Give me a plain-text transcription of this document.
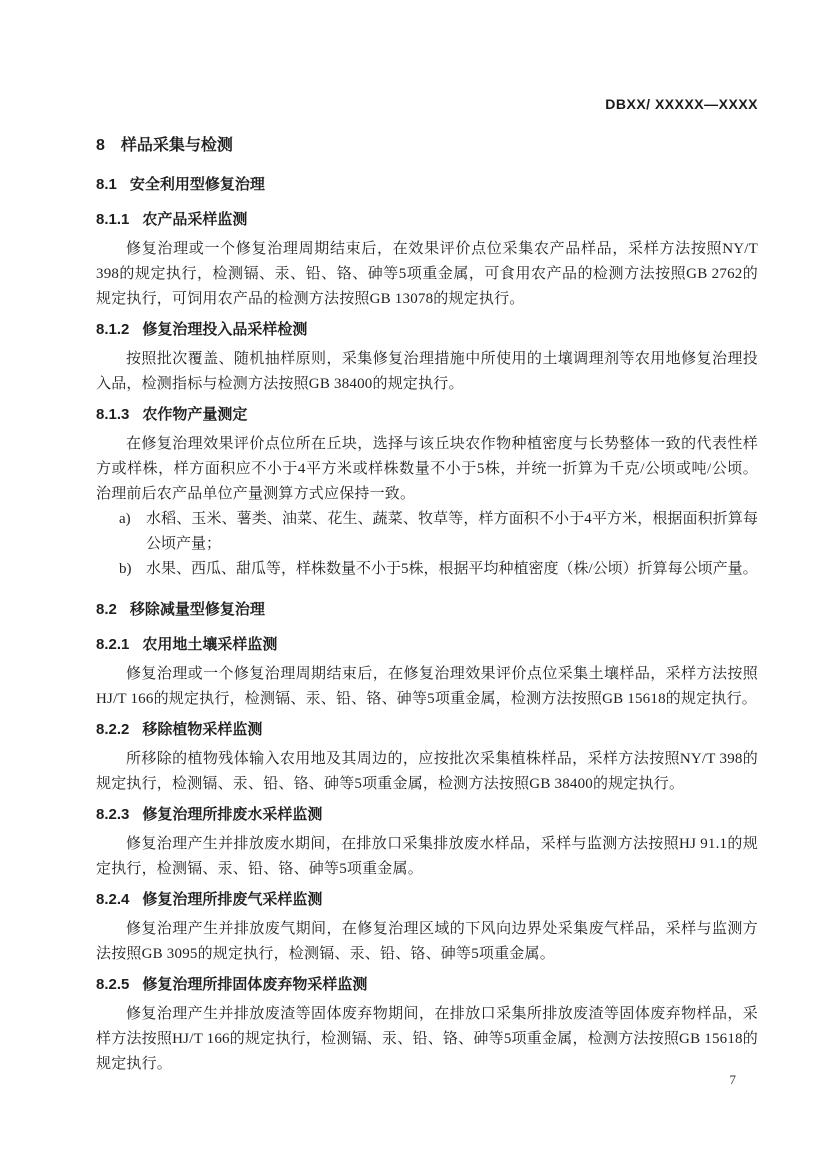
DBXX/ XXXXX—XXXX
8 样品采集与检测
8.1 安全利用型修复治理
8.1.1 农产品采样监测

修复治理或一个修复治理周期结束后，在效果评价点位采集农产品样品，采样方法按照NY/T 398的规定执行，检测镉、汞、铅、铬、砷等5项重金属，可食用农产品的检测方法按照GB 2762的规定执行，可饲用农产品的检测方法按照GB 13078的规定执行。

8.1.2 修复治理投入品采样检测

按照批次覆盖、随机抽样原则，采集修复治理措施中所使用的土壤调理剂等农用地修复治理投入品，检测指标与检测方法按照GB 38400的规定执行。

8.1.3 农作物产量测定

在修复治理效果评价点位所在丘块，选择与该丘块农作物种植密度与长势整体一致的代表性样方或样株，样方面积应不小于4平方米或样株数量不小于5株，并统一折算为千克/公顷或吨/公顷。治理前后农产品单位产量测算方式应保持一致。

a) 水稻、玉米、薯类、油菜、花生、蔬菜、牧草等，样方面积不小于4平方米，根据面积折算每公顷产量；
b) 水果、西瓜、甜瓜等，样株数量不小于5株，根据平均种植密度（株/公顷）折算每公顷产量。
8.2 移除减量型修复治理
8.2.1 农用地土壤采样监测

修复治理或一个修复治理周期结束后，在修复治理效果评价点位采集土壤样品，采样方法按照HJ/T 166的规定执行，检测镉、汞、铅、铬、砷等5项重金属，检测方法按照GB 15618的规定执行。

8.2.2 移除植物采样监测

所移除的植物残体输入农用地及其周边的，应按批次采集植株样品，采样方法按照NY/T 398的规定执行，检测镉、汞、铅、铬、砷等5项重金属，检测方法按照GB 38400的规定执行。

8.2.3 修复治理所排废水采样监测

修复治理产生并排放废水期间，在排放口采集排放废水样品，采样与监测方法按照HJ 91.1的规定执行，检测镉、汞、铅、铬、砷等5项重金属。

8.2.4 修复治理所排废气采样监测

修复治理产生并排放废气期间，在修复治理区域的下风向边界处采集废气样品，采样与监测方法按照GB 3095的规定执行，检测镉、汞、铅、铬、砷等5项重金属。

8.2.5 修复治理所排固体废弃物采样监测

修复治理产生并排放废渣等固体废弃物期间，在排放口采集所排放废渣等固体废弃物样品，采样方法按照HJ/T 166的规定执行，检测镉、汞、铅、铬、砷等5项重金属，检测方法按照GB 15618的规定执行。

7
